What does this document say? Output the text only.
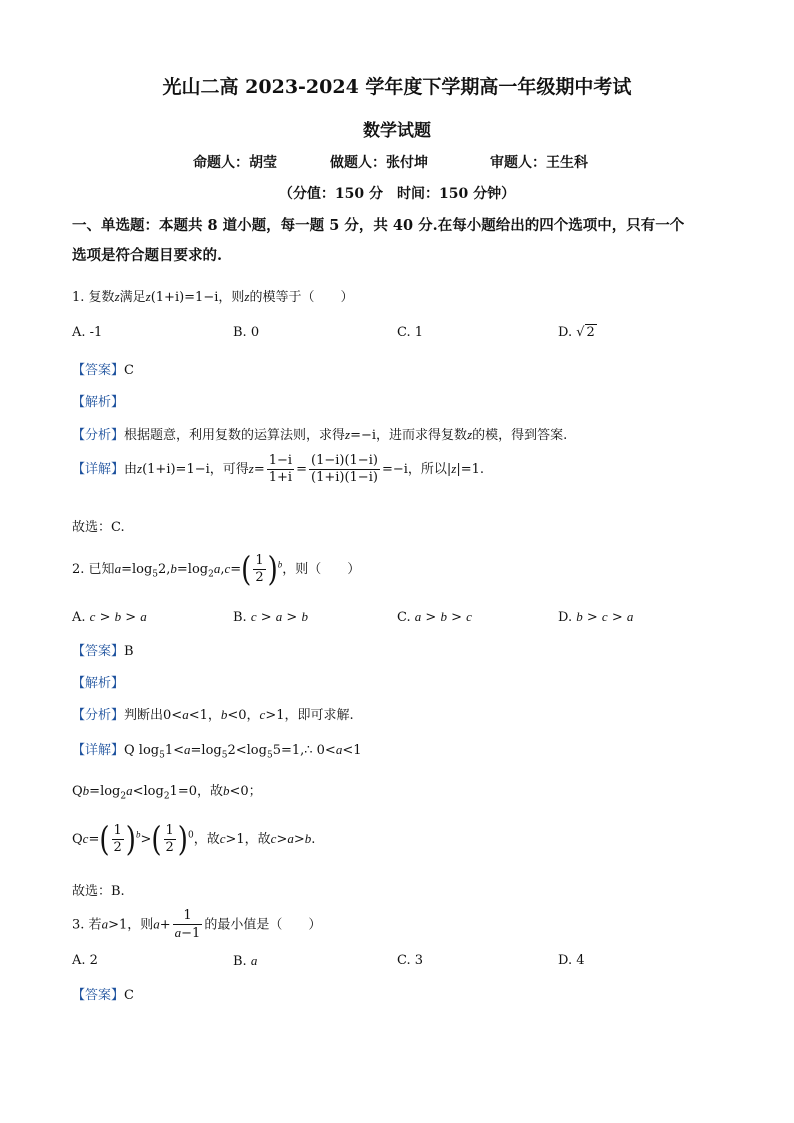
光山二高 2023-2024 学年度下学期高一年级期中考试
数学试题
命题人：胡莹	做题人：张付坤	审题人：王生科
（分值：150 分　时间：150 分钟）
一、单选题：本题共 8 道小题，每一题 5 分，共 40 分.在每小题给出的四个选项中，只有一个
选项是符合题目要求的.
1. 复数z满足z(1+i)=1−i，则z的模等于（　　）
A. -1	B. 0	C. 1	D. √ 2
【答案】C
【解析】
【分析】根据题意，利用复数的运算法则，求得z=−i，进而求得复数z的模，得到答案.
【详解】由z(1+i)=1−i，可得$z= \frac{1-i}{1+i} = \frac{(1-i)(1-i)}{(1+i)(1-i)} =-i$，所以|z|=1.
故选：C.
2. 已知$a=\log_52,b=\log_2a,c=( \frac{1}{2} )^b$，则（　　）
A. c > b > a	B. c > a > b	C. a > b > c	D. b > c > a
【答案】B
【解析】
【分析】判断出0<a<1，b<0，c>1，即可求解.
【详解】Q $\log_51<a=\log_52<\log_55=1,\therefore$ 0<a<1
$Qb=\log_2a<\log_21=0$，故b<0；
$Qc=( \frac{1}{2} )^b>( \frac{1}{2} )^0$，故c>1，故c>a>b.
故选：B.
3. 若a>1，则$a+ \frac{1}{a-1}$ 的最小值是（　　）
A. 2	B. a	C. 3	D. 4
【答案】C
